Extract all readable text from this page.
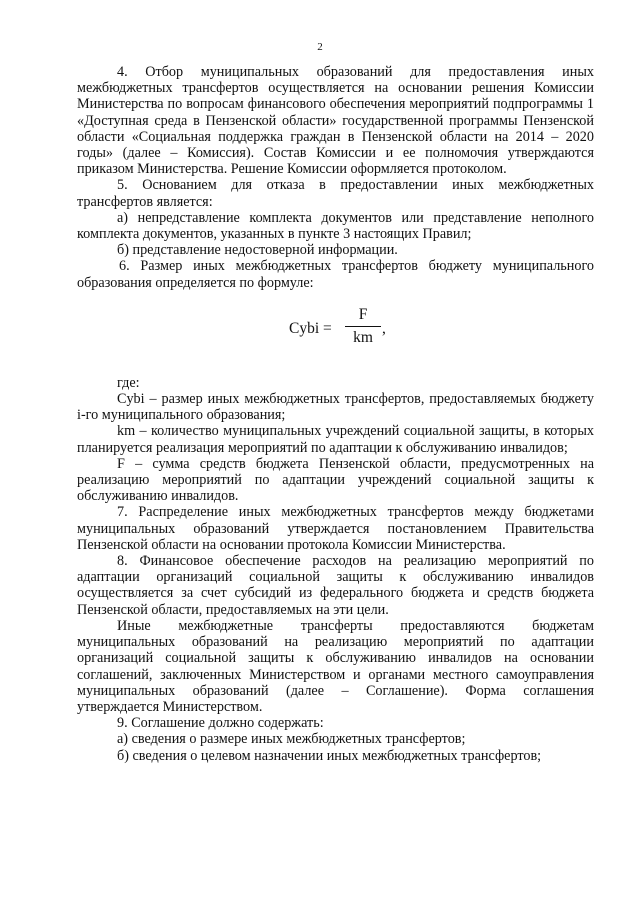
2

4. Отбор муниципальных образований для предоставления иных межбюджетных трансфертов осуществляется на основании решения Комиссии Министерства по вопросам финансового обеспечения мероприятий подпрограммы 1 «Доступная среда в Пензенской области» государственной программы Пензенской области «Социальная поддержка граждан в Пензенской области на 2014 – 2020 годы» (далее – Комиссия). Состав Комиссии и ее полномочия утверждаются приказом Министерства. Решение Комиссии оформляется протоколом.

5. Основанием для отказа в предоставлении иных межбюджетных трансфертов является:

а) непредставление комплекта документов или представление неполного комплекта документов, указанных в пункте 3 настоящих Правил;

б) представление недостоверной информации.

6. Размер иных межбюджетных трансфертов бюджету муниципального образования определяется по формуле:

Cybi =
F
km
,

где:

Cybi – размер иных межбюджетных трансфертов, предоставляемых бюджету i-го муниципального образования;

km – количество муниципальных учреждений социальной защиты, в которых планируется реализация мероприятий по адаптации к обслуживанию инвалидов;

F – сумма средств бюджета Пензенской области, предусмотренных на реализацию мероприятий по адаптации учреждений социальной защиты к обслуживанию инвалидов.

7. Распределение иных межбюджетных трансфертов между бюджетами муниципальных образований утверждается постановлением Правительства Пензенской области на основании протокола Комиссии Министерства.

8. Финансовое обеспечение расходов на реализацию мероприятий по адаптации организаций социальной защиты к обслуживанию инвалидов осуществляется за счет субсидий из федерального бюджета и средств бюджета Пензенской области, предоставляемых на эти цели.

Иные межбюджетные трансферты предоставляются бюджетам муниципальных образований на реализацию мероприятий по адаптации организаций социальной защиты к обслуживанию инвалидов на основании соглашений, заключенных Министерством и органами местного самоуправления муниципальных образований (далее – Соглашение). Форма соглашения утверждается Министерством.

9. Соглашение должно содержать:

а) сведения о размере иных межбюджетных трансфертов;

б) сведения о целевом назначении иных межбюджетных трансфертов;
